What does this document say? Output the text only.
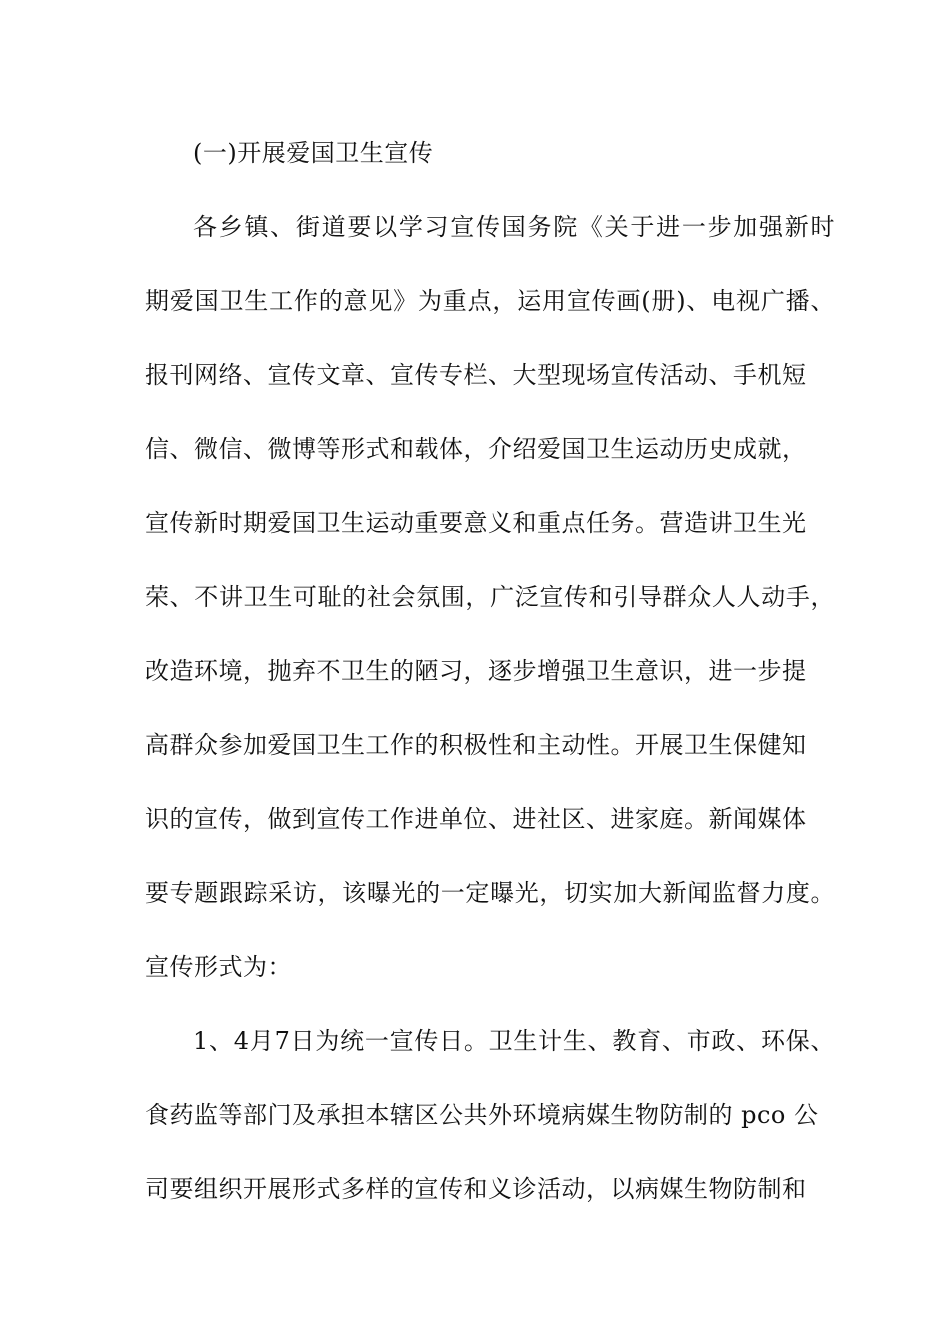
(一)开展爱国卫生宣传
各乡镇、街道要以学习宣传国务院《关于进一步加强新时
期爱国卫生工作的意见》为重点，运用宣传画(册)、电视广播、
报刊网络、宣传文章、宣传专栏、大型现场宣传活动、手机短
信、微信、微博等形式和载体，介绍爱国卫生运动历史成就，
宣传新时期爱国卫生运动重要意义和重点任务。营造讲卫生光
荣、不讲卫生可耻的社会氛围，广泛宣传和引导群众人人动手，
改造环境，抛弃不卫生的陋习，逐步增强卫生意识，进一步提
高群众参加爱国卫生工作的积极性和主动性。开展卫生保健知
识的宣传，做到宣传工作进单位、进社区、进家庭。新闻媒体
要专题跟踪采访，该曝光的一定曝光，切实加大新闻监督力度。
宣传形式为：
1、4月7日为统一宣传日。卫生计生、教育、市政、环保、
食药监等部门及承担本辖区公共外环境病媒生物防制的 pco 公
司要组织开展形式多样的宣传和义诊活动，以病媒生物防制和
